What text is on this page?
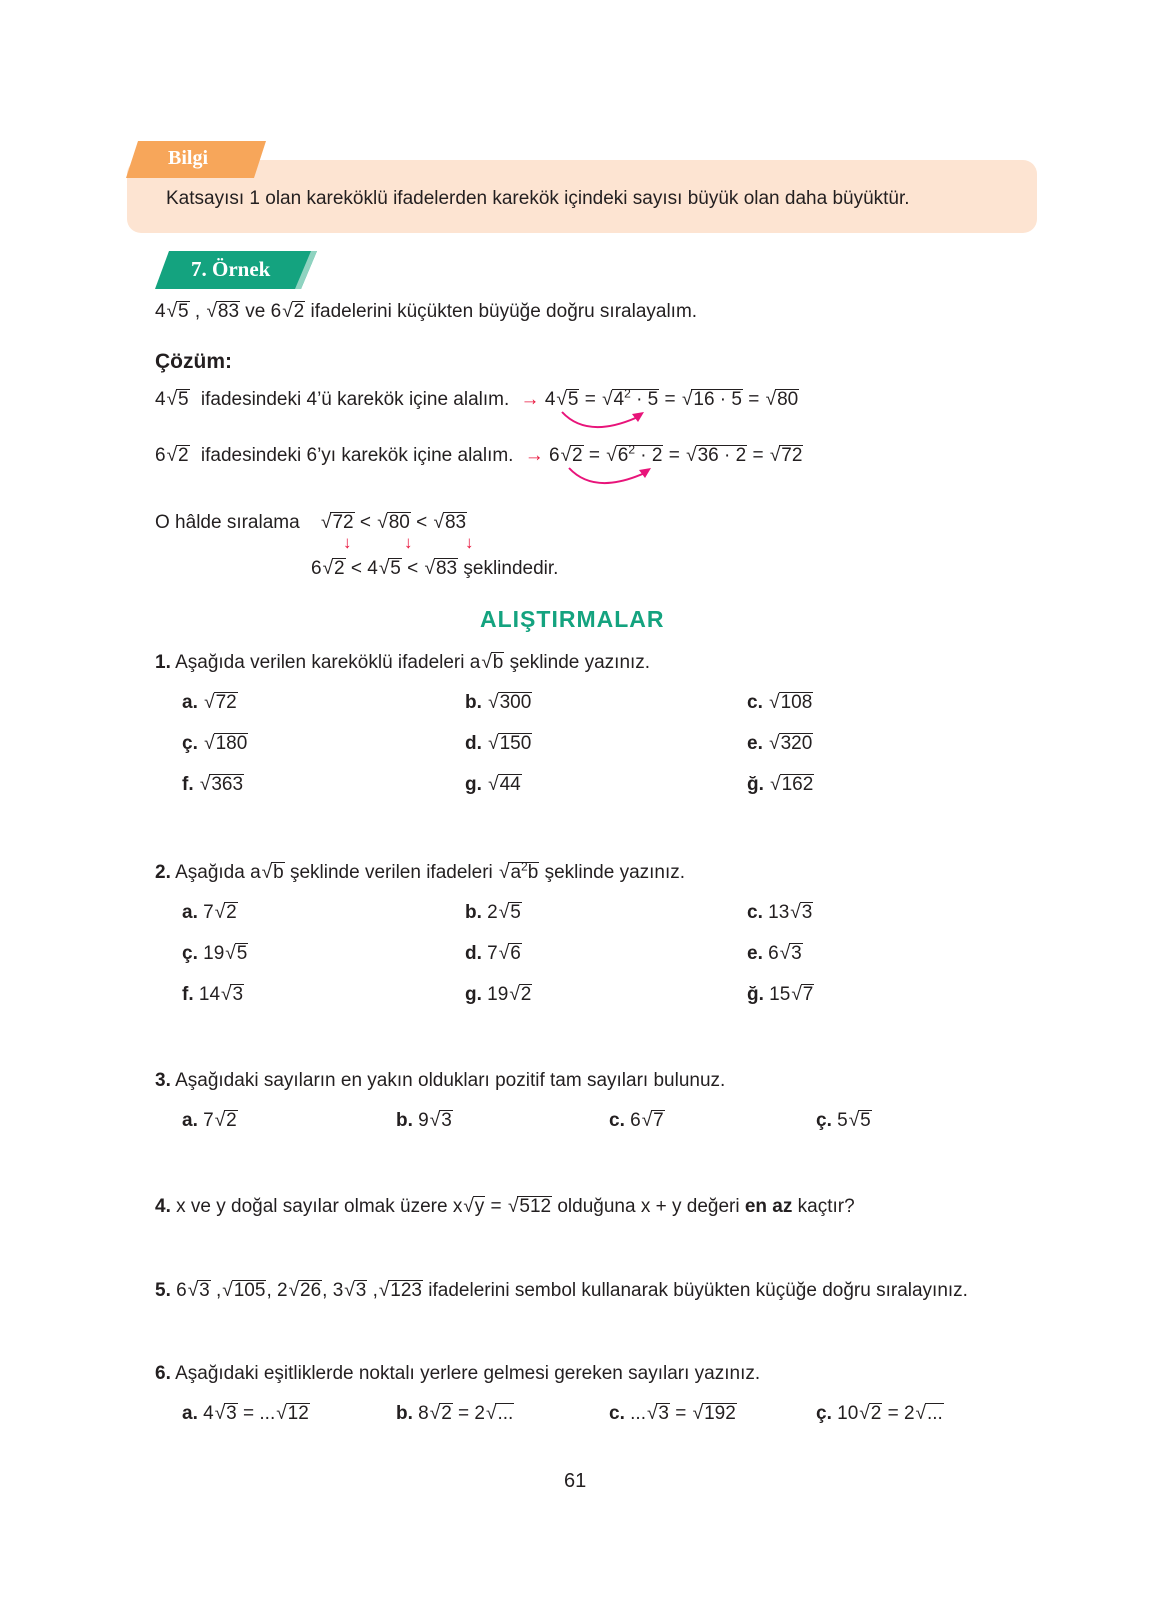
Bilgi
Katsayısı 1 olan kareköklü ifadelerden karekök içindeki sayısı büyük olan daha büyüktür.
7. Örnek
4√5 , √83 ve 6√2 ifadelerini küçükten büyüğe doğru sıralayalım.
Çözüm:
4√5 ifadesindeki 4’ü karekök içine alalım. → $4√5 = √4^2 \cdot 5 = √16 \cdot 5 = √80$
6√2 ifadesindeki 6’yı karekök içine alalım. → $6√2 = √6^2 \cdot 2 = √36 \cdot 2 = √72$
O hâlde sıralama √72 < √80 < √83
↓	↓	↓
6√2 < 4√5 < √83 şeklindedir.
ALIŞTIRMALAR
1. Aşağıda verilen kareköklü ifadeleri a√b şeklinde yazınız.
a. √72	b. √300	c. √108
ç. √180	d. √150	e. √320
f. √363	g. √44	ğ. √162
2. Aşağıda a√b şeklinde verilen ifadeleri $√a^2b$ şeklinde yazınız.
a. 7√2	b. 2√5	c. 13√3
ç. 19√5	d. 7√6	e. 6√3
f. 14√3	g. 19√2	ğ. 15√7
3. Aşağıdaki sayıların en yakın oldukları pozitif tam sayıları bulunuz.
a. 7√2	b. 9√3	c. 6√7	ç. 5√5
4. x ve y doğal sayılar olmak üzere x√y = √512 olduğuna x + y değeri en az kaçtır?
5. 6√3 ,√105, 2√26, 3√3 ,√123 ifadelerini sembol kullanarak büyükten küçüğe doğru sıralayınız.
6. Aşağıdaki eşitliklerde noktalı yerlere gelmesi gereken sayıları yazınız.
a. 4√3 = ...√12	b. 8√2 = 2√...	c. ...√3 = √192	ç. 10√2 = 2√...
61
